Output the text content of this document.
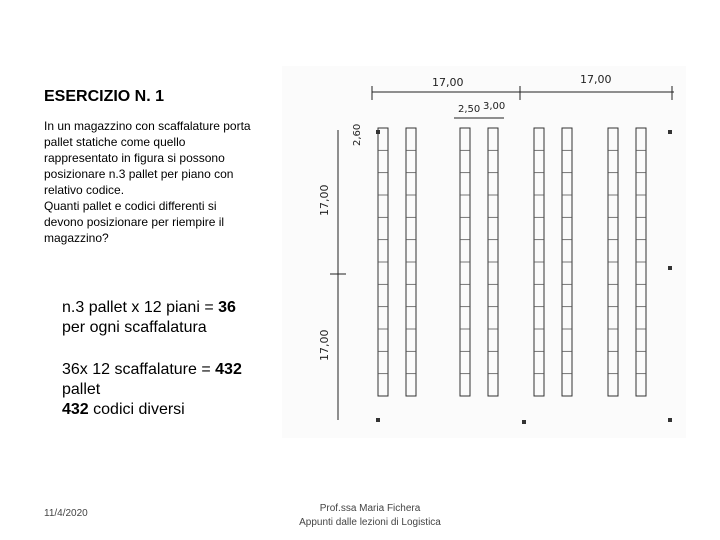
ESERCIZIO N. 1

In un magazzino con scaffalature porta

pallet statiche come quello

rappresentato in figura si possono

posizionare n.3 pallet per piano con

relativo codice.

Quanti pallet e codici differenti si

devono posizionare per riempire il

magazzino?

n.3 pallet x 12 piani = 36

per ogni scaffalatura

36x 12 scaffalature = 432

pallet

432 codici diversi

17,00	17,00
2,50 3,00
2,60
17,00
17,00
11/4/2020	Prof.ssa Maria Fichera
Appunti dalle lezioni di Logistica
